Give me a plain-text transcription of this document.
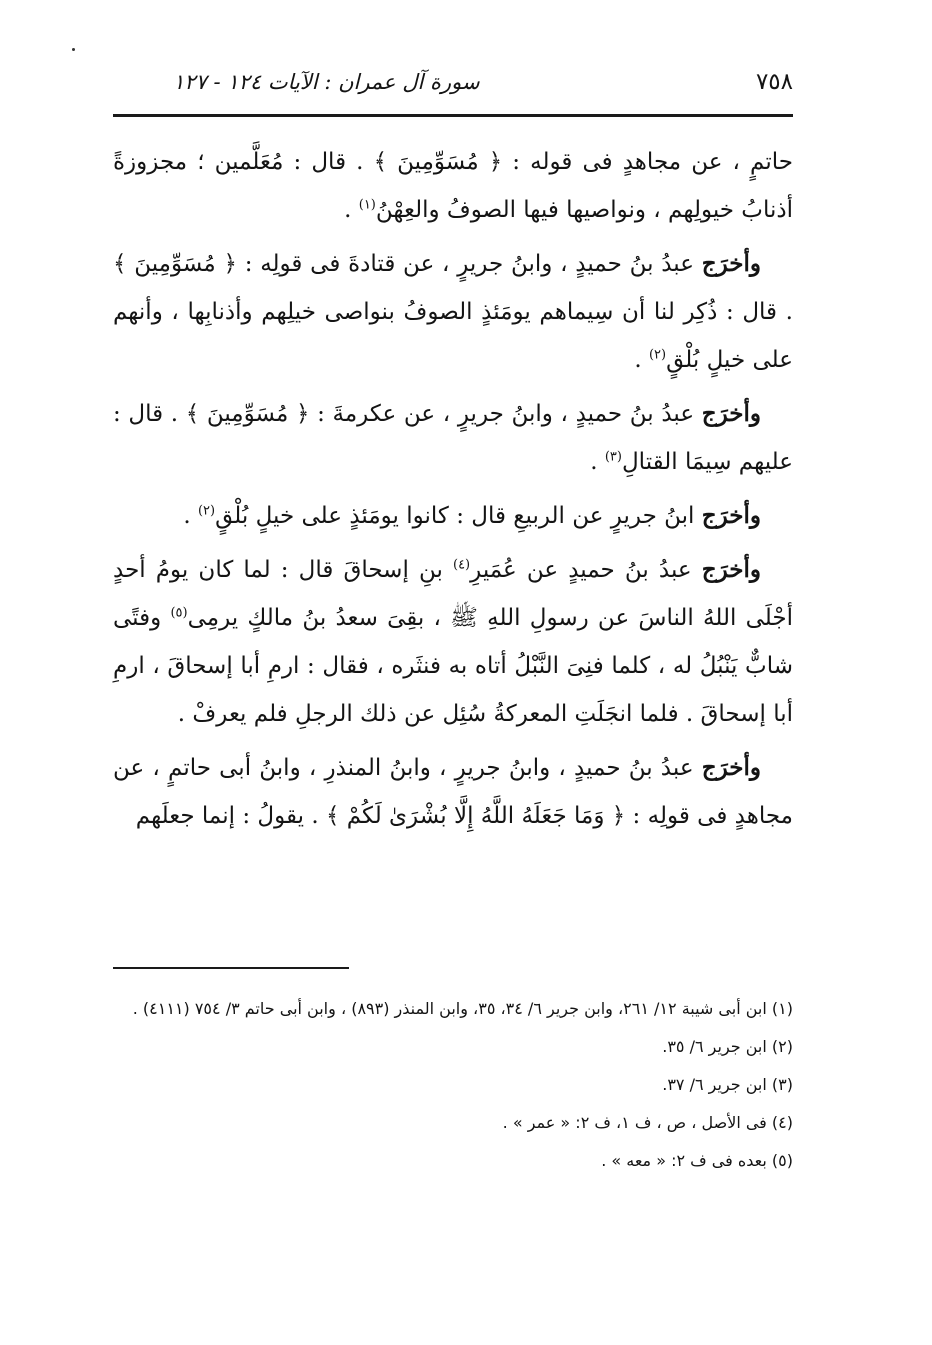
٧٥٨
سورة آل عمران : الآيات ١٢٤ - ١٢٧

حاتمٍ ، عن مجاهدٍ فى قوله : ﴿ مُسَوِّمِينَ ﴾ . قال : مُعَلَّمين ؛ مجزوزةً أذنابُ خيولِهم ، ونواصيها فيها الصوفُ والعِهْنُ$^{(١)}$ .

وأخرَج عبدُ بنُ حميدٍ ، وابنُ جريرٍ ، عن قتادةَ فى قولِه : ﴿ مُسَوِّمِينَ ﴾ . قال : ذُكِر لنا أن سِيماهم يومَئذٍ الصوفُ بنواصى خيلِهم وأذنابِها ، وأنهم على خيلٍ بُلْقٍ$^{(٢)}$ .

وأخرَج عبدُ بنُ حميدٍ ، وابنُ جريرٍ ، عن عكرمةَ : ﴿ مُسَوِّمِينَ ﴾ . قال : عليهم سِيمَا القتالِ$^{(٣)}$ .

وأخرَج ابنُ جريرٍ عن الربيعِ قال : كانوا يومَئذٍ على خيلٍ بُلْقٍ$^{(٢)}$ .

وأخرَج عبدُ بنُ حميدٍ عن عُمَيرِ$^{(٤)}$ بنِ إسحاقَ قال : لما كان يومُ أحدٍ أجْلَى اللهُ الناسَ عن رسولِ اللهِ ﷺ ، بقِىَ سعدُ بنُ مالكٍ يرمِى$^{(٥)}$ وفتًى شابٌّ يَنْبُلُ له ، كلما فنِىَ النَّبْلُ أتاه به فنثَره ، فقال : ارمِ أبا إسحاقَ ، ارمِ أبا إسحاقَ . فلما انجَلَتِ المعركةُ سُئِل عن ذلك الرجلِ فلم يعرفْ .

وأخرَج عبدُ بنُ حميدٍ ، وابنُ جريرٍ ، وابنُ المنذرِ ، وابنُ أبى حاتمٍ ، عن مجاهدٍ فى قولِه : ﴿ وَمَا جَعَلَهُ اللَّهُ إِلَّا بُشْرَىٰ لَكُمْ ﴾ . يقولُ : إنما جعلَهم

(١) ابن أبى شيبة ١٢/ ٢٦١، وابن جرير ٦/ ٣٤، ٣٥، وابن المنذر (٨٩٣) ، وابن أبى حاتم ٣/ ٧٥٤ (٤١١١) .

(٢) ابن جرير ٦/ ٣٥.

(٣) ابن جرير ٦/ ٣٧.

(٤) فى الأصل ، ص ، ف ١، ف ٢: « عمر » .

(٥) بعده فى ف ٢: « معه » .
